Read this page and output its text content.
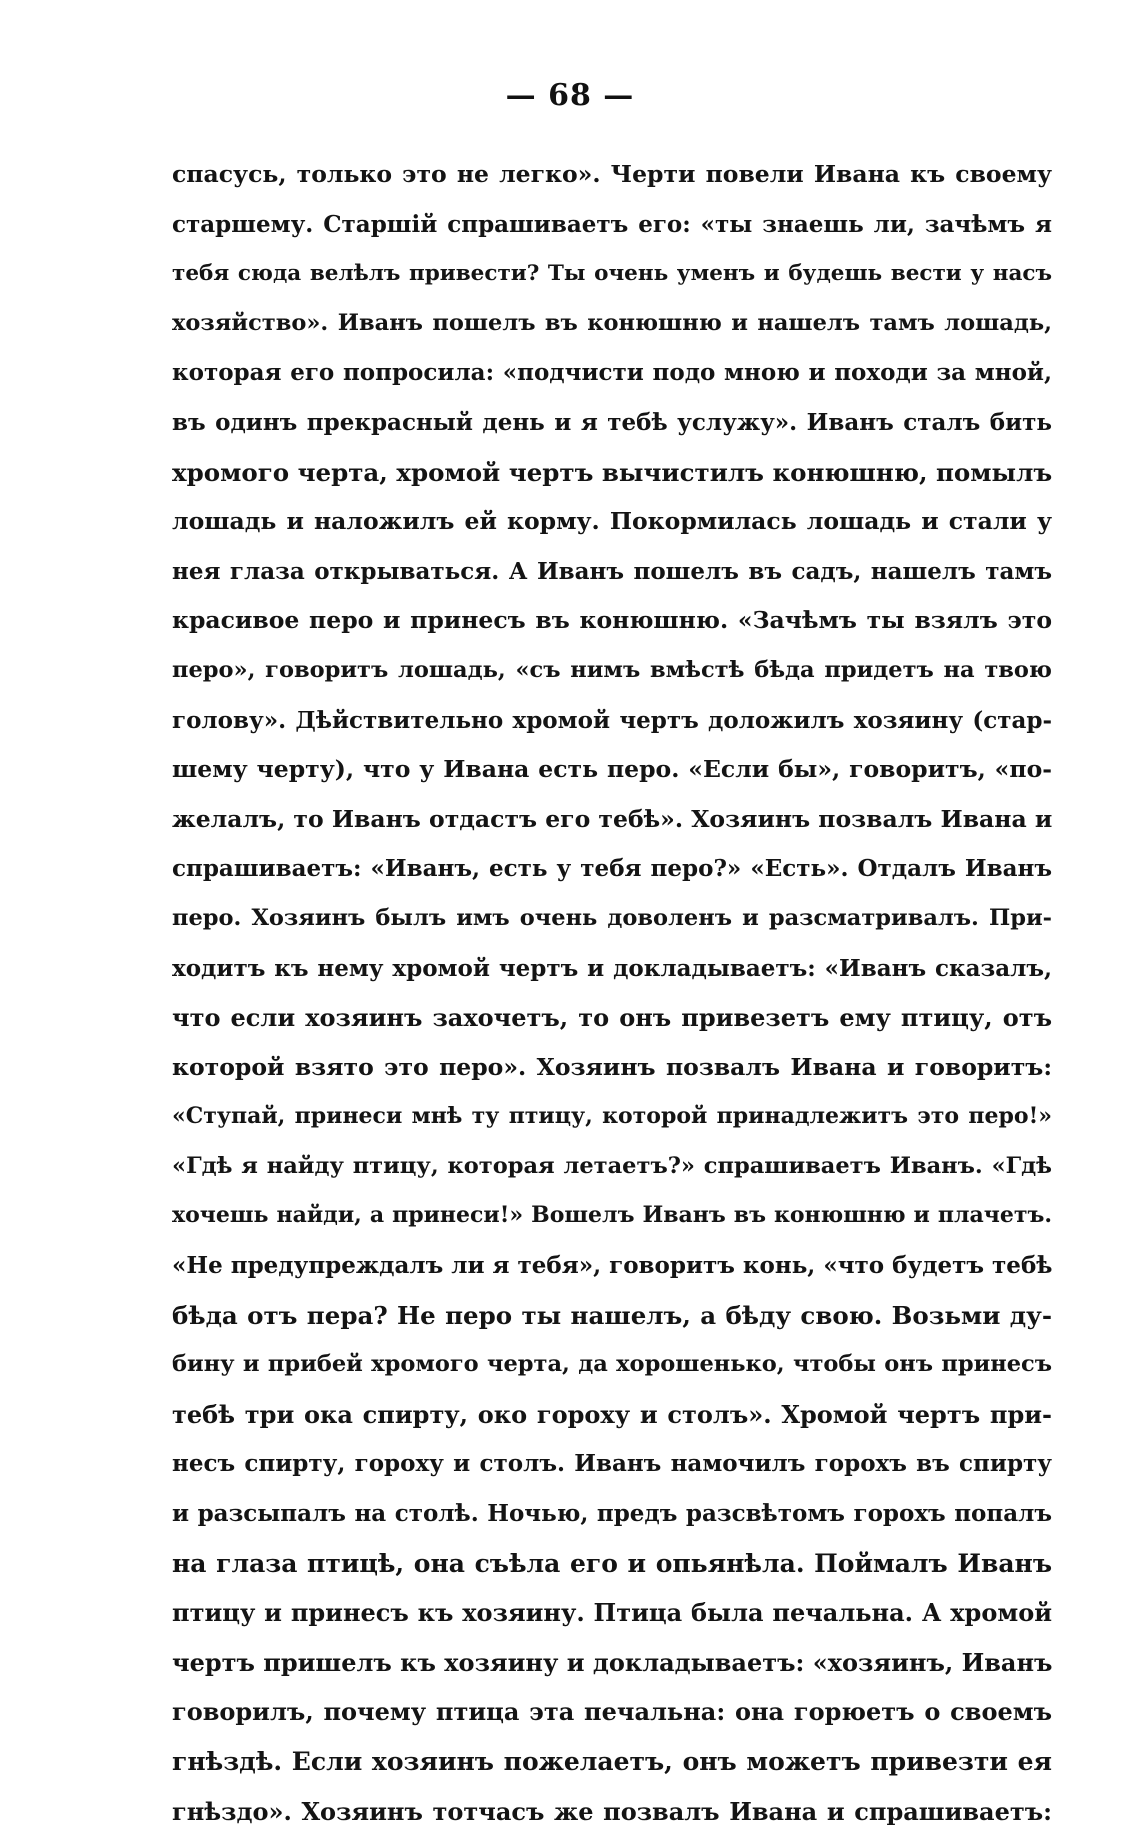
— 68 —
спасусь, только это не легко». Черти повели Ивана къ своему
старшему. Старшій спрашиваетъ его: «ты знаешь ли, зачѣмъ я
тебя сюда велѣлъ привести? Ты очень уменъ и будешь вести у насъ
хозяйство». Иванъ пошелъ въ конюшню и нашелъ тамъ лошадь,
которая его попросила: «подчисти подо мною и походи за мной,
въ одинъ прекрасный день и я тебѣ услужу». Иванъ сталъ бить
хромого черта, хромой чертъ вычистилъ конюшню, помылъ
лошадь и наложилъ ей корму. Покормилась лошадь и стали у
нея глаза открываться. А Иванъ пошелъ въ садъ, нашелъ тамъ
красивое перо и принесъ въ конюшню. «Зачѣмъ ты взялъ это
перо», говоритъ лошадь, «съ нимъ вмѣстѣ бѣда придетъ на твою
голову». Дѣйствительно хромой чертъ доложилъ хозяину (стар-
шему черту), что у Ивана есть перо. «Если бы», говоритъ, «по-
желалъ, то Иванъ отдастъ его тебѣ». Хозяинъ позвалъ Ивана и
спрашиваетъ: «Иванъ, есть у тебя перо?» «Есть». Отдалъ Иванъ
перо. Хозяинъ былъ имъ очень доволенъ и разсматривалъ. При-
ходитъ къ нему хромой чертъ и докладываетъ: «Иванъ сказалъ,
что если хозяинъ захочетъ, то онъ привезетъ ему птицу, отъ
которой взято это перо». Хозяинъ позвалъ Ивана и говоритъ:
«Ступай, принеси мнѣ ту птицу, которой принадлежитъ это перо!»
«Гдѣ я найду птицу, которая летаетъ?» спрашиваетъ Иванъ. «Гдѣ
хочешь найди, а принеси!» Вошелъ Иванъ въ конюшню и плачетъ.
«Не предупреждалъ ли я тебя», говоритъ конь, «что будетъ тебѣ
бѣда отъ пера? Не перо ты нашелъ, а бѣду свою. Возьми ду-
бину и прибей хромого черта, да хорошенько, чтобы онъ принесъ
тебѣ три ока спирту, око гороху и столъ». Хромой чертъ при-
несъ спирту, гороху и столъ. Иванъ намочилъ горохъ въ спирту
и разсыпалъ на столѣ. Ночью, предъ разсвѣтомъ горохъ попалъ
на глаза птицѣ, она съѣла его и опьянѣла. Поймалъ Иванъ
птицу и принесъ къ хозяину. Птица была печальна. А хромой
чертъ пришелъ къ хозяину и докладываетъ: «хозяинъ, Иванъ
говорилъ, почему птица эта печальна: она горюетъ о своемъ
гнѣздѣ. Если хозяинъ пожелаетъ, онъ можетъ привезти ея
гнѣздо». Хозяинъ тотчасъ же позвалъ Ивана и спрашиваетъ:
